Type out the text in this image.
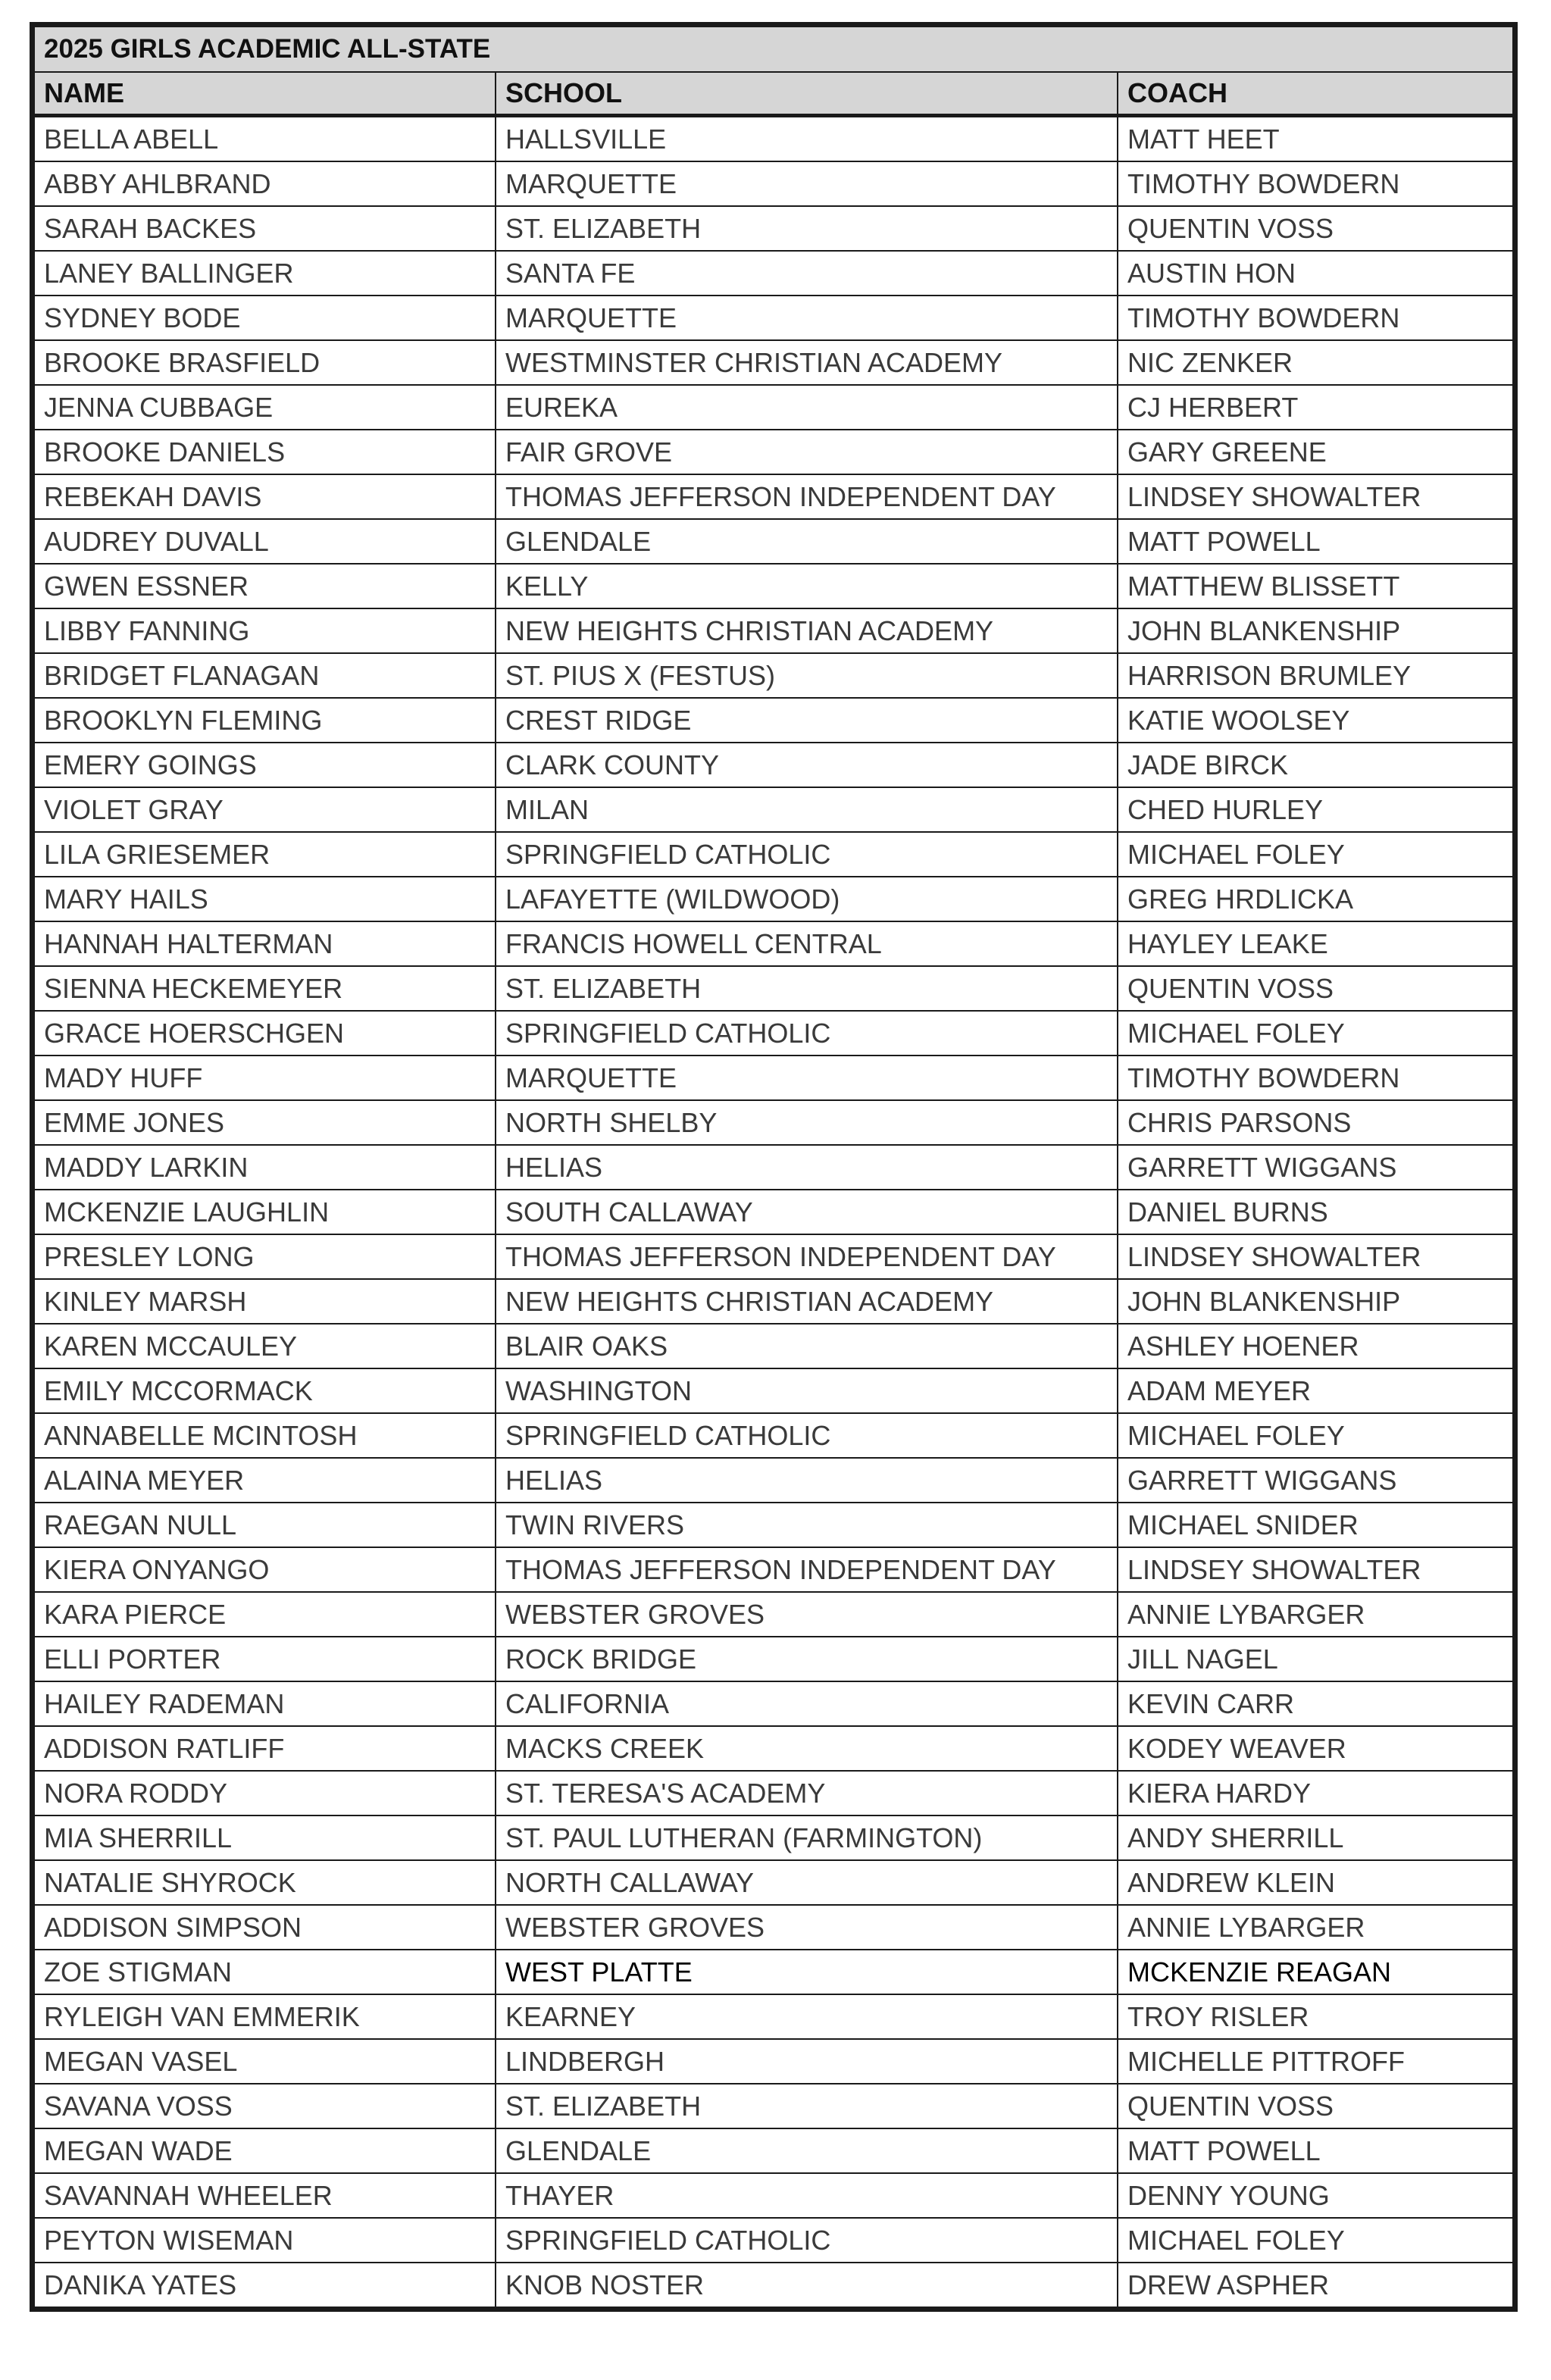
2025 GIRLS ACADEMIC ALL-STATE		
NAME	SCHOOL	COACH
BELLA ABELL	HALLSVILLE	MATT HEET
ABBY AHLBRAND	MARQUETTE	TIMOTHY BOWDERN
SARAH BACKES	ST. ELIZABETH	QUENTIN VOSS
LANEY BALLINGER	SANTA FE	AUSTIN HON
SYDNEY BODE	MARQUETTE	TIMOTHY BOWDERN
BROOKE BRASFIELD	WESTMINSTER CHRISTIAN ACADEMY	NIC ZENKER
JENNA CUBBAGE	EUREKA	CJ HERBERT
BROOKE DANIELS	FAIR GROVE	GARY GREENE
REBEKAH DAVIS	THOMAS JEFFERSON INDEPENDENT DAY	LINDSEY SHOWALTER
AUDREY DUVALL	GLENDALE	MATT POWELL
GWEN ESSNER	KELLY	MATTHEW BLISSETT
LIBBY FANNING	NEW HEIGHTS CHRISTIAN ACADEMY	JOHN BLANKENSHIP
BRIDGET FLANAGAN	ST. PIUS X (FESTUS)	HARRISON BRUMLEY
BROOKLYN FLEMING	CREST RIDGE	KATIE WOOLSEY
EMERY GOINGS	CLARK COUNTY	JADE BIRCK
VIOLET GRAY	MILAN	CHED HURLEY
LILA GRIESEMER	SPRINGFIELD CATHOLIC	MICHAEL FOLEY
MARY HAILS	LAFAYETTE (WILDWOOD)	GREG HRDLICKA
HANNAH HALTERMAN	FRANCIS HOWELL CENTRAL	HAYLEY LEAKE
SIENNA HECKEMEYER	ST. ELIZABETH	QUENTIN VOSS
GRACE HOERSCHGEN	SPRINGFIELD CATHOLIC	MICHAEL FOLEY
MADY HUFF	MARQUETTE	TIMOTHY BOWDERN
EMME JONES	NORTH SHELBY	CHRIS PARSONS
MADDY LARKIN	HELIAS	GARRETT WIGGANS
MCKENZIE LAUGHLIN	SOUTH CALLAWAY	DANIEL BURNS
PRESLEY LONG	THOMAS JEFFERSON INDEPENDENT DAY	LINDSEY SHOWALTER
KINLEY MARSH	NEW HEIGHTS CHRISTIAN ACADEMY	JOHN BLANKENSHIP
KAREN MCCAULEY	BLAIR OAKS	ASHLEY HOENER
EMILY MCCORMACK	WASHINGTON	ADAM MEYER
ANNABELLE MCINTOSH	SPRINGFIELD CATHOLIC	MICHAEL FOLEY
ALAINA MEYER	HELIAS	GARRETT WIGGANS
RAEGAN NULL	TWIN RIVERS	MICHAEL SNIDER
KIERA ONYANGO	THOMAS JEFFERSON INDEPENDENT DAY	LINDSEY SHOWALTER
KARA PIERCE	WEBSTER GROVES	ANNIE LYBARGER
ELLI PORTER	ROCK BRIDGE	JILL NAGEL
HAILEY RADEMAN	CALIFORNIA	KEVIN CARR
ADDISON RATLIFF	MACKS CREEK	KODEY WEAVER
NORA RODDY	ST. TERESA'S ACADEMY	KIERA HARDY
MIA SHERRILL	ST. PAUL LUTHERAN (FARMINGTON)	ANDY SHERRILL
NATALIE SHYROCK	NORTH CALLAWAY	ANDREW KLEIN
ADDISON SIMPSON	WEBSTER GROVES	ANNIE LYBARGER
ZOE STIGMAN	WEST PLATTE	MCKENZIE REAGAN
RYLEIGH VAN EMMERIK	KEARNEY	TROY RISLER
MEGAN VASEL	LINDBERGH	MICHELLE PITTROFF
SAVANA VOSS	ST. ELIZABETH	QUENTIN VOSS
MEGAN WADE	GLENDALE	MATT POWELL
SAVANNAH WHEELER	THAYER	DENNY YOUNG
PEYTON WISEMAN	SPRINGFIELD CATHOLIC	MICHAEL FOLEY
DANIKA YATES	KNOB NOSTER	DREW ASPHER
